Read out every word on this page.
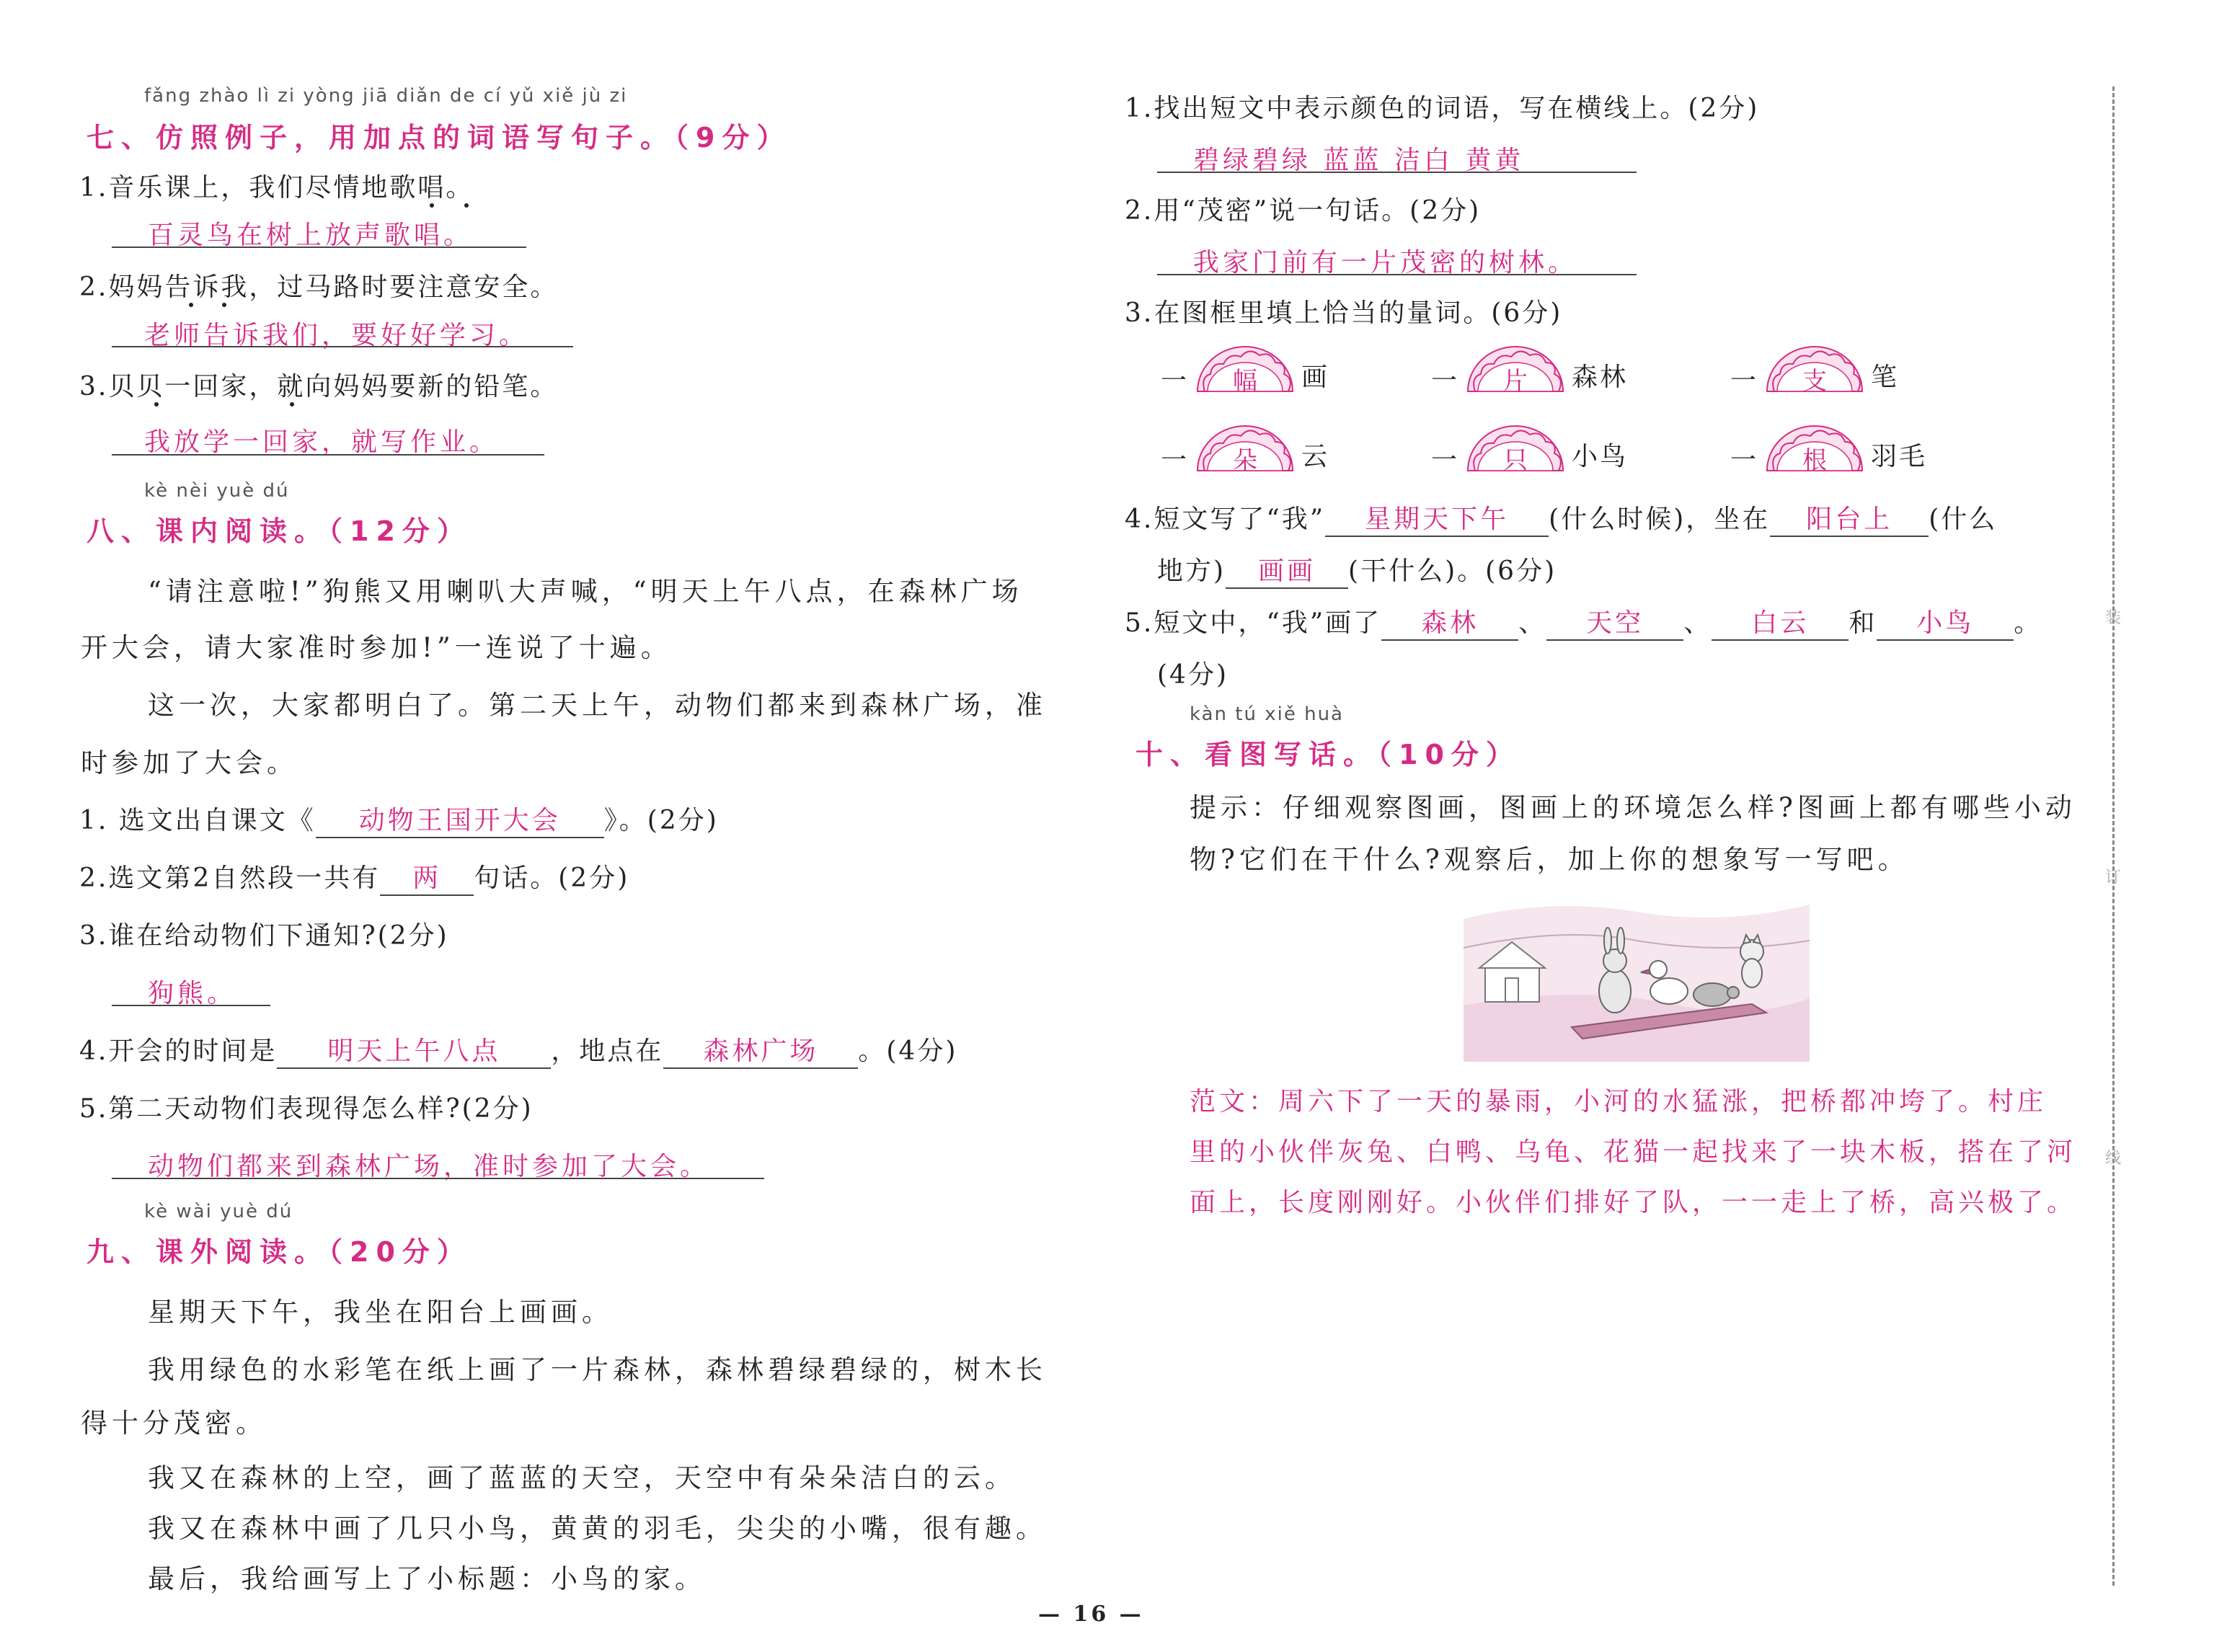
fǎng zhào lì zi yòng jiā diǎn de cí yǔ xiě jù zi
七、仿照例子，用加点的词语写句子。（9分）
1.音乐课上，我们尽情地歌唱。
百灵鸟在树上放声歌唱。
2.妈妈告诉我，过马路时要注意安全。
老师告诉我们，要好好学习。
3.贝贝一回家，就向妈妈要新的铅笔。
我放学一回家，就写作业。
kè nèi yuè dú
八、课内阅读。（12分）
“请注意啦!”狗熊又用喇叭大声喊，“明天上午八点，在森林广场
开大会，请大家准时参加!”一连说了十遍。
这一次，大家都明白了。第二天上午，动物们都来到森林广场，准
时参加了大会。
1. 选文出自课文《 动物王国开大会 》。(2分)
2.选文第2自然段一共有 两 句话。(2分)
3.谁在给动物们下通知?(2分)
狗熊。
4.开会的时间是 明天上午八点 ，地点在 森林广场 。(4分)
5.第二天动物们表现得怎么样?(2分)
动物们都来到森林广场，准时参加了大会。
kè wài yuè dú
九、课外阅读。（20分）
星期天下午，我坐在阳台上画画。
我用绿色的水彩笔在纸上画了一片森林，森林碧绿碧绿的，树木长
得十分茂密。
我又在森林的上空，画了蓝蓝的天空，天空中有朵朵洁白的云。
我又在森林中画了几只小鸟，黄黄的羽毛，尖尖的小嘴，很有趣。
最后，我给画写上了小标题：小鸟的家。
1.找出短文中表示颜色的词语，写在横线上。(2分)
碧绿碧绿 蓝蓝 洁白 黄黄
2.用“茂密”说一句话。(2分)
我家门前有一片茂密的树林。
3.在图框里填上恰当的量词。(6分)
一	幅	画	一	片	森林	一	支	笔
一	朵	云	一	只	小鸟	一	根	羽毛
4.短文写了“我” 星期天下午 (什么时候)，坐在 阳台上 (什么
地方) 画画 (干什么)。(6分)
5.短文中，“我”画了 森林 、 天空 、 白云 和 小鸟 。
(4分)
kàn tú xiě huà
十、看图写话。（10分）
提示：仔细观察图画，图画上的环境怎么样?图画上都有哪些小动
物?它们在干什么?观察后，加上你的想象写一写吧。
范文：周六下了一天的暴雨，小河的水猛涨，把桥都冲垮了。村庄
里的小伙伴灰兔、白鸭、乌龟、花猫一起找来了一块木板，搭在了河
面上，长度刚刚好。小伙伴们排好了队，一一走上了桥，高兴极了。
装
订
线
— 16 —
